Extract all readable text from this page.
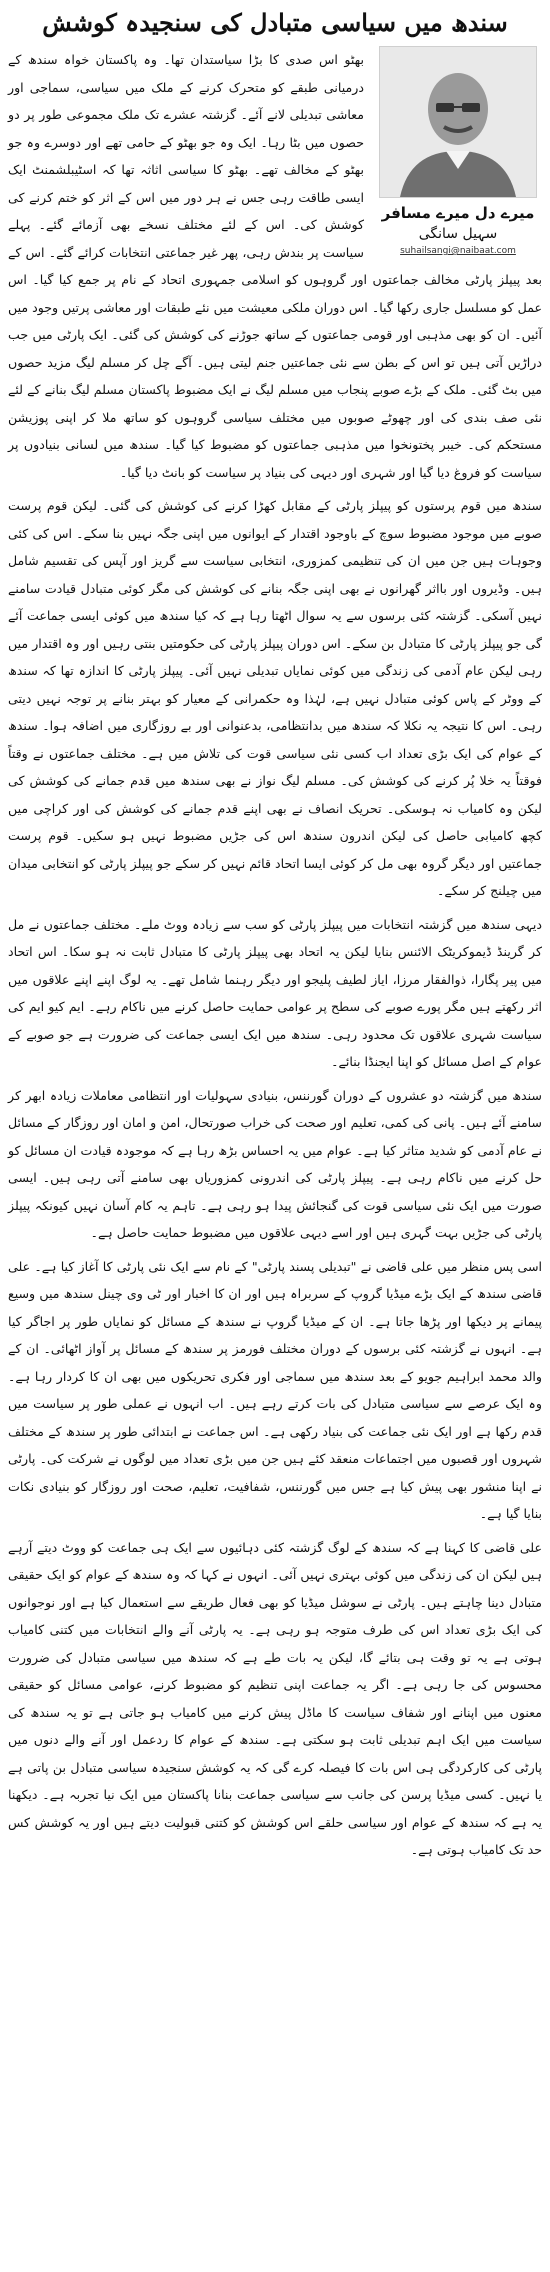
سندھ میں سیاسی متبادل کی سنجیدہ کوشش
میرے دل میرے مسافر
سہیل سانگی
suhailsangi@naibaat.com

بھٹو اس صدی کا بڑا سیاستدان تھا۔ وہ پاکستان خواہ سندھ کے درمیانی طبقے کو متحرک کرنے کے ملک میں سیاسی، سماجی اور معاشی تبدیلی لانے آئے۔ گزشتہ عشرے تک ملک مجموعی طور پر دو حصوں میں بٹا رہا۔ ایک وہ جو بھٹو کے حامی تھے اور دوسرے وہ جو بھٹو کے مخالف تھے۔ بھٹو کا سیاسی اثاثہ تھا کہ اسٹیبلشمنٹ ایک ایسی طاقت رہی جس نے ہر دور میں اس کے اثر کو ختم کرنے کی کوشش کی۔ اس کے لئے مختلف نسخے بھی آزمائے گئے۔ پہلے سیاست پر بندش رہی، پھر غیر جماعتی انتخابات کرائے گئے۔ اس کے بعد پیپلز پارٹی مخالف جماعتوں اور گروہوں کو اسلامی جمہوری اتحاد کے نام پر جمع کیا گیا۔ اس عمل کو مسلسل جاری رکھا گیا۔ اس دوران ملکی معیشت میں نئے طبقات اور معاشی پرتیں وجود میں آئیں۔ ان کو بھی مذہبی اور قومی جماعتوں کے ساتھ جوڑنے کی کوشش کی گئی۔ ایک پارٹی میں جب دراڑیں آتی ہیں تو اس کے بطن سے نئی جماعتیں جنم لیتی ہیں۔ آگے چل کر مسلم لیگ مزید حصوں میں بٹ گئی۔ ملک کے بڑے صوبے پنجاب میں مسلم لیگ نے ایک مضبوط پاکستان مسلم لیگ بنانے کے لئے نئی صف بندی کی اور چھوٹے صوبوں میں مختلف سیاسی گروہوں کو ساتھ ملا کر اپنی پوزیشن مستحکم کی۔ خیبر پختونخوا میں مذہبی جماعتوں کو مضبوط کیا گیا۔ سندھ میں لسانی بنیادوں پر سیاست کو فروغ دیا گیا اور شہری اور دیہی کی بنیاد پر سیاست کو بانٹ دیا گیا۔

سندھ میں قوم پرستوں کو پیپلز پارٹی کے مقابل کھڑا کرنے کی کوشش کی گئی۔ لیکن قوم پرست صوبے میں موجود مضبوط سوچ کے باوجود اقتدار کے ایوانوں میں اپنی جگہ نہیں بنا سکے۔ اس کی کئی وجوہات ہیں جن میں ان کی تنظیمی کمزوری، انتخابی سیاست سے گریز اور آپس کی تقسیم شامل ہیں۔ وڈیروں اور بااثر گھرانوں نے بھی اپنی جگہ بنانے کی کوشش کی مگر کوئی متبادل قیادت سامنے نہیں آسکی۔ گزشتہ کئی برسوں سے یہ سوال اٹھتا رہا ہے کہ کیا سندھ میں کوئی ایسی جماعت آئے گی جو پیپلز پارٹی کا متبادل بن سکے۔ اس دوران پیپلز پارٹی کی حکومتیں بنتی رہیں اور وہ اقتدار میں رہی لیکن عام آدمی کی زندگی میں کوئی نمایاں تبدیلی نہیں آئی۔ پیپلز پارٹی کا اندازہ تھا کہ سندھ کے ووٹر کے پاس کوئی متبادل نہیں ہے، لہٰذا وہ حکمرانی کے معیار کو بہتر بنانے پر توجہ نہیں دیتی رہی۔ اس کا نتیجہ یہ نکلا کہ سندھ میں بدانتظامی، بدعنوانی اور بے روزگاری میں اضافہ ہوا۔ سندھ کے عوام کی ایک بڑی تعداد اب کسی نئی سیاسی قوت کی تلاش میں ہے۔ مختلف جماعتوں نے وقتاً فوقتاً یہ خلا پُر کرنے کی کوشش کی۔ مسلم لیگ نواز نے بھی سندھ میں قدم جمانے کی کوشش کی لیکن وہ کامیاب نہ ہوسکی۔ تحریک انصاف نے بھی اپنے قدم جمانے کی کوشش کی اور کراچی میں کچھ کامیابی حاصل کی لیکن اندرون سندھ اس کی جڑیں مضبوط نہیں ہو سکیں۔ قوم پرست جماعتیں اور دیگر گروہ بھی مل کر کوئی ایسا اتحاد قائم نہیں کر سکے جو پیپلز پارٹی کو انتخابی میدان میں چیلنج کر سکے۔

دیہی سندھ میں گزشتہ انتخابات میں پیپلز پارٹی کو سب سے زیادہ ووٹ ملے۔ مختلف جماعتوں نے مل کر گرینڈ ڈیموکریٹک الائنس بنایا لیکن یہ اتحاد بھی پیپلز پارٹی کا متبادل ثابت نہ ہو سکا۔ اس اتحاد میں پیر پگارا، ذوالفقار مرزا، ایاز لطیف پلیجو اور دیگر رہنما شامل تھے۔ یہ لوگ اپنے اپنے علاقوں میں اثر رکھتے ہیں مگر پورے صوبے کی سطح پر عوامی حمایت حاصل کرنے میں ناکام رہے۔ ایم کیو ایم کی سیاست شہری علاقوں تک محدود رہی۔ سندھ میں ایک ایسی جماعت کی ضرورت ہے جو صوبے کے عوام کے اصل مسائل کو اپنا ایجنڈا بنائے۔

سندھ میں گزشتہ دو عشروں کے دوران گورننس، بنیادی سہولیات اور انتظامی معاملات زیادہ ابھر کر سامنے آئے ہیں۔ پانی کی کمی، تعلیم اور صحت کی خراب صورتحال، امن و امان اور روزگار کے مسائل نے عام آدمی کو شدید متاثر کیا ہے۔ عوام میں یہ احساس بڑھ رہا ہے کہ موجودہ قیادت ان مسائل کو حل کرنے میں ناکام رہی ہے۔ پیپلز پارٹی کی اندرونی کمزوریاں بھی سامنے آتی رہی ہیں۔ ایسی صورت میں ایک نئی سیاسی قوت کی گنجائش پیدا ہو رہی ہے۔ تاہم یہ کام آسان نہیں کیونکہ پیپلز پارٹی کی جڑیں بہت گہری ہیں اور اسے دیہی علاقوں میں مضبوط حمایت حاصل ہے۔

اسی پس منظر میں علی قاضی نے "تبدیلی پسند پارٹی" کے نام سے ایک نئی پارٹی کا آغاز کیا ہے۔ علی قاضی سندھ کے ایک بڑے میڈیا گروپ کے سربراہ ہیں اور ان کا اخبار اور ٹی وی چینل سندھ میں وسیع پیمانے پر دیکھا اور پڑھا جاتا ہے۔ ان کے میڈیا گروپ نے سندھ کے مسائل کو نمایاں طور پر اجاگر کیا ہے۔ انہوں نے گزشتہ کئی برسوں کے دوران مختلف فورمز پر سندھ کے مسائل پر آواز اٹھائی۔ ان کے والد محمد ابراہیم جویو کے بعد سندھ میں سماجی اور فکری تحریکوں میں بھی ان کا کردار رہا ہے۔ وہ ایک عرصے سے سیاسی متبادل کی بات کرتے رہے ہیں۔ اب انہوں نے عملی طور پر سیاست میں قدم رکھا ہے اور ایک نئی جماعت کی بنیاد رکھی ہے۔ اس جماعت نے ابتدائی طور پر سندھ کے مختلف شہروں اور قصبوں میں اجتماعات منعقد کئے ہیں جن میں بڑی تعداد میں لوگوں نے شرکت کی۔ پارٹی نے اپنا منشور بھی پیش کیا ہے جس میں گورننس، شفافیت، تعلیم، صحت اور روزگار کو بنیادی نکات بنایا گیا ہے۔

علی قاضی کا کہنا ہے کہ سندھ کے لوگ گزشتہ کئی دہائیوں سے ایک ہی جماعت کو ووٹ دیتے آرہے ہیں لیکن ان کی زندگی میں کوئی بہتری نہیں آئی۔ انہوں نے کہا کہ وہ سندھ کے عوام کو ایک حقیقی متبادل دینا چاہتے ہیں۔ پارٹی نے سوشل میڈیا کو بھی فعال طریقے سے استعمال کیا ہے اور نوجوانوں کی ایک بڑی تعداد اس کی طرف متوجہ ہو رہی ہے۔ یہ پارٹی آنے والے انتخابات میں کتنی کامیاب ہوتی ہے یہ تو وقت ہی بتائے گا، لیکن یہ بات طے ہے کہ سندھ میں سیاسی متبادل کی ضرورت محسوس کی جا رہی ہے۔ اگر یہ جماعت اپنی تنظیم کو مضبوط کرنے، عوامی مسائل کو حقیقی معنوں میں اپنانے اور شفاف سیاست کا ماڈل پیش کرنے میں کامیاب ہو جاتی ہے تو یہ سندھ کی سیاست میں ایک اہم تبدیلی ثابت ہو سکتی ہے۔ سندھ کے عوام کا ردعمل اور آنے والے دنوں میں پارٹی کی کارکردگی ہی اس بات کا فیصلہ کرے گی کہ یہ کوشش سنجیدہ سیاسی متبادل بن پاتی ہے یا نہیں۔ کسی میڈیا پرسن کی جانب سے سیاسی جماعت بنانا پاکستان میں ایک نیا تجربہ ہے۔ دیکھنا یہ ہے کہ سندھ کے عوام اور سیاسی حلقے اس کوشش کو کتنی قبولیت دیتے ہیں اور یہ کوشش کس حد تک کامیاب ہوتی ہے۔
